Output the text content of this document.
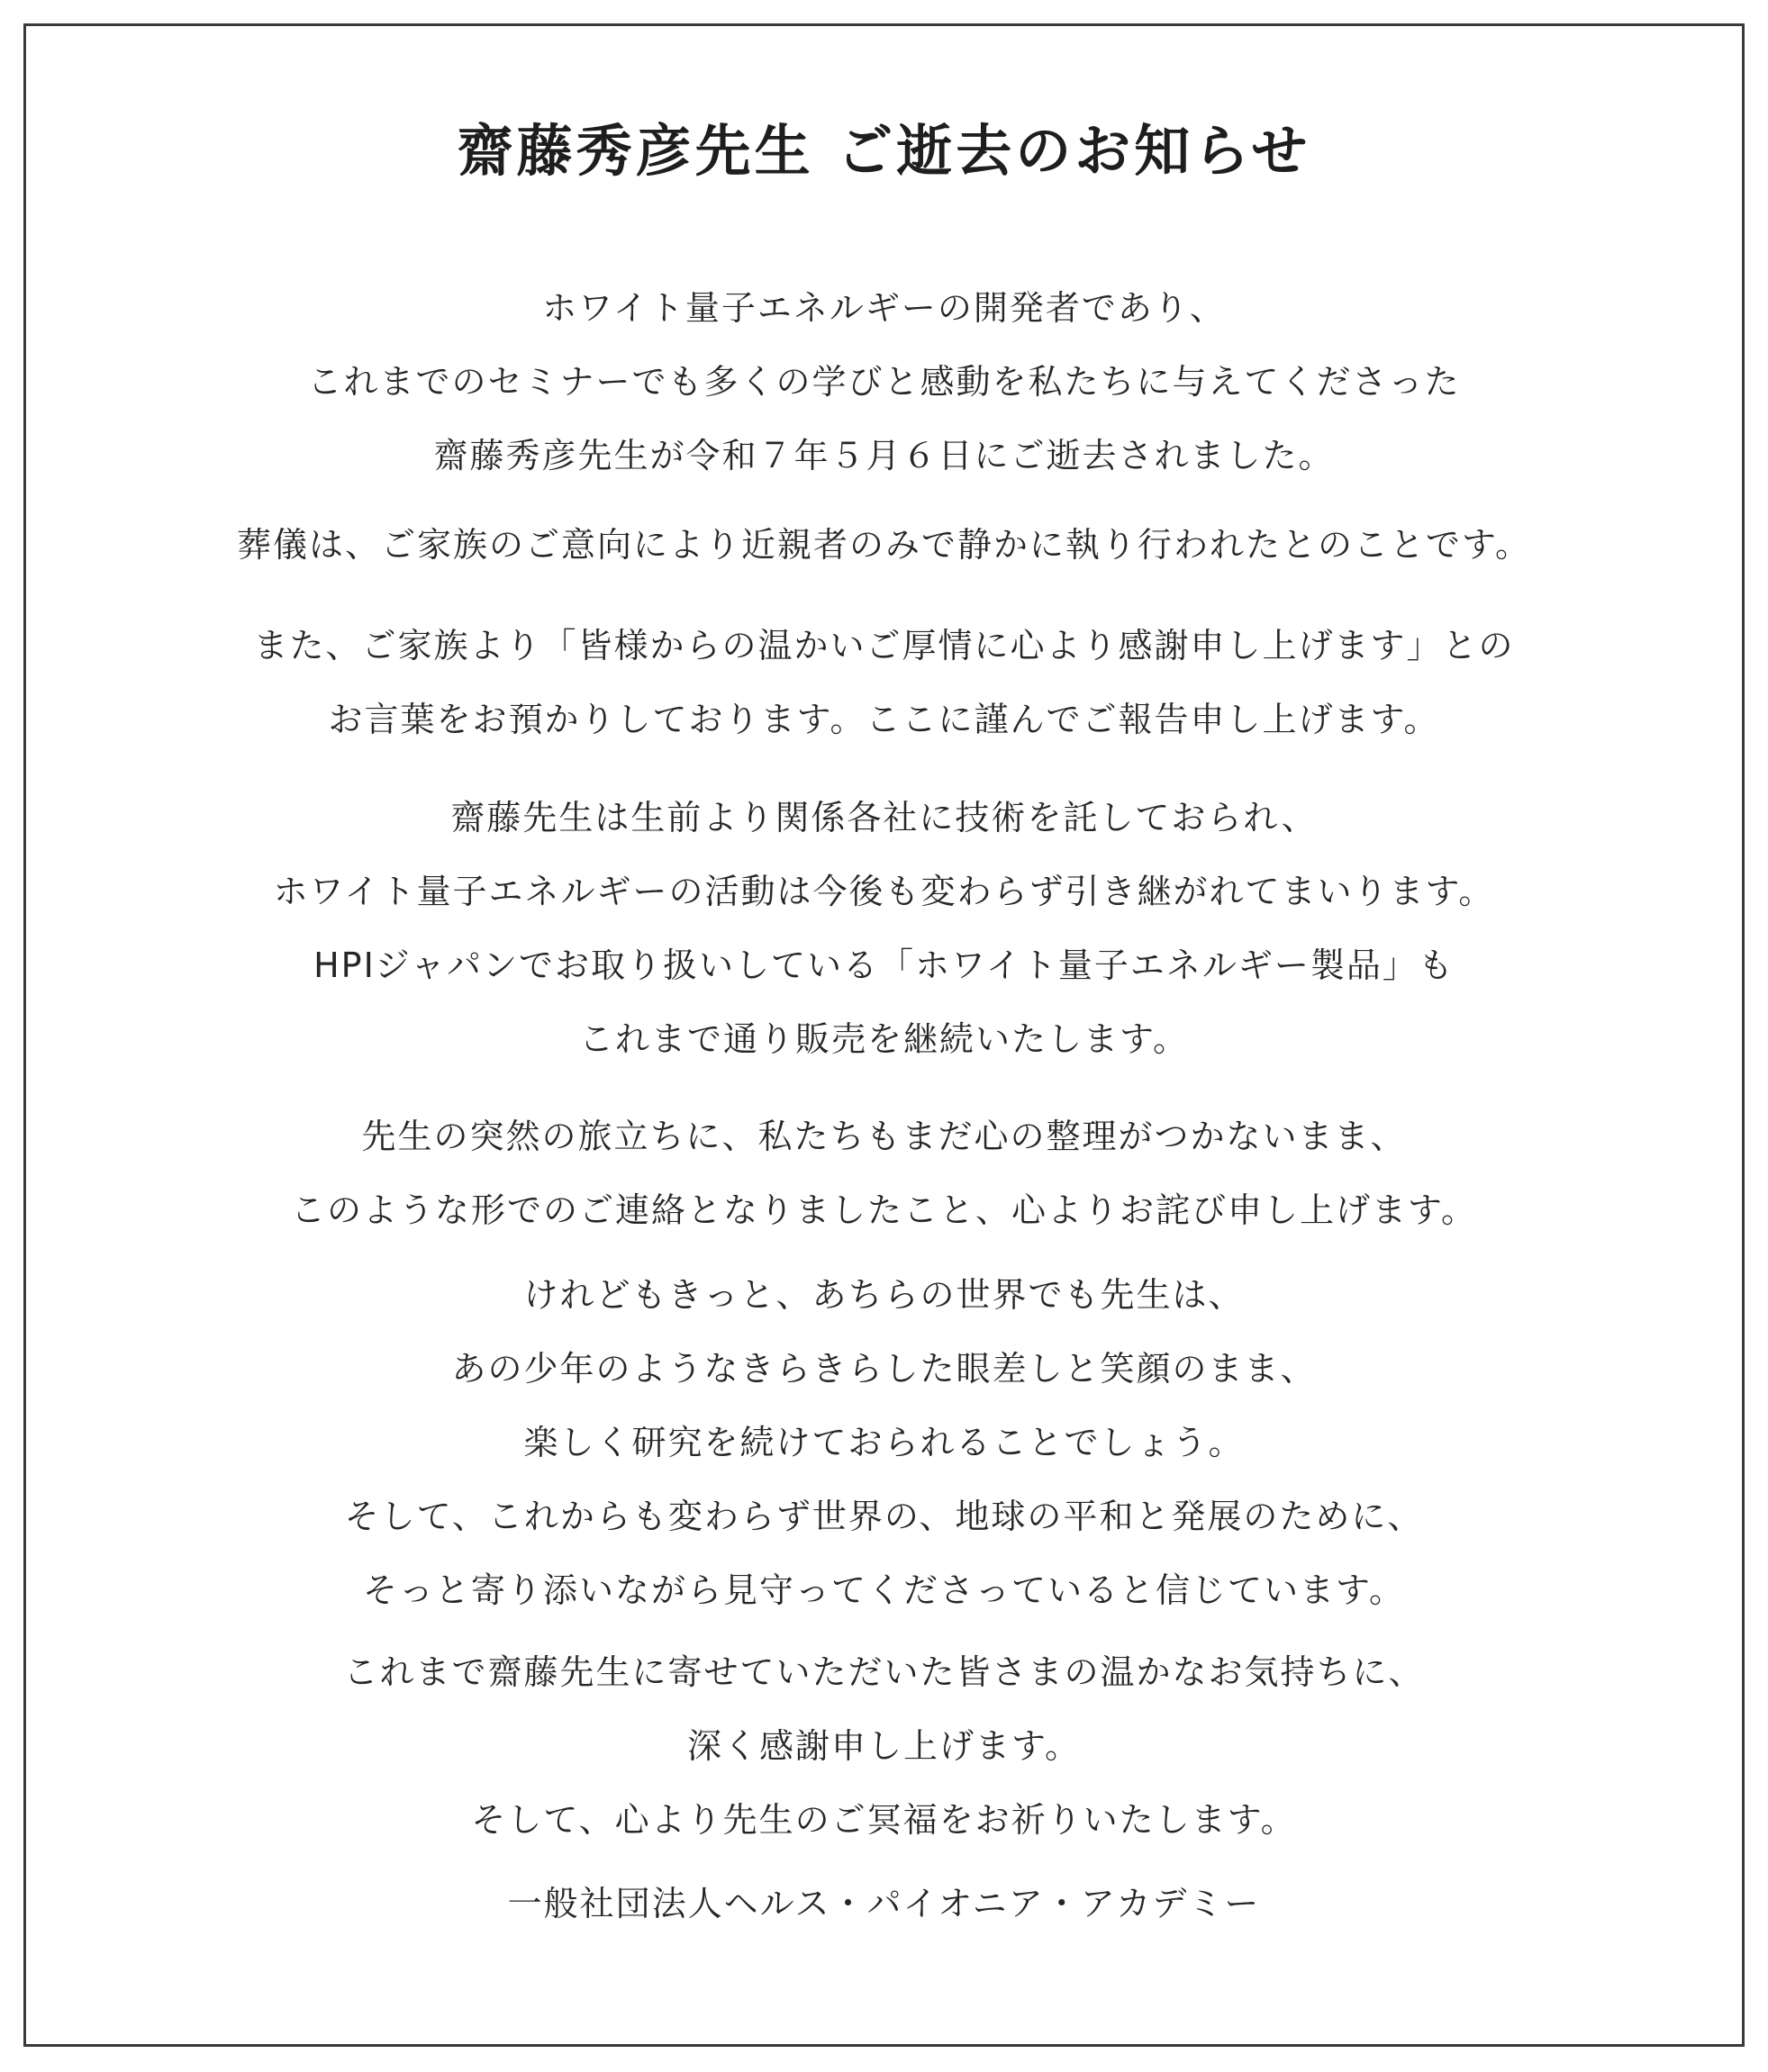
齋藤秀彦先生 ご逝去のお知らせ
ホワイト量子エネルギーの開発者であり、
これまでのセミナーでも多くの学びと感動を私たちに与えてくださった
齋藤秀彦先生が令和７年５月６日にご逝去されました。
葬儀は、ご家族のご意向により近親者のみで静かに執り行われたとのことです。
また、ご家族より「皆様からの温かいご厚情に心より感謝申し上げます」との
お言葉をお預かりしております。ここに謹んでご報告申し上げます。
齋藤先生は生前より関係各社に技術を託しておられ、
ホワイト量子エネルギーの活動は今後も変わらず引き継がれてまいります。
HPIジャパンでお取り扱いしている「ホワイト量子エネルギー製品」も
これまで通り販売を継続いたします。
先生の突然の旅立ちに、私たちもまだ心の整理がつかないまま、
このような形でのご連絡となりましたこと、心よりお詫び申し上げます。
けれどもきっと、あちらの世界でも先生は、
あの少年のようなきらきらした眼差しと笑顔のまま、
楽しく研究を続けておられることでしょう。
そして、これからも変わらず世界の、地球の平和と発展のために、
そっと寄り添いながら見守ってくださっていると信じています。
これまで齋藤先生に寄せていただいた皆さまの温かなお気持ちに、
深く感謝申し上げます。
そして、心より先生のご冥福をお祈りいたします。

一般社団法人ヘルス・パイオニア・アカデミー
